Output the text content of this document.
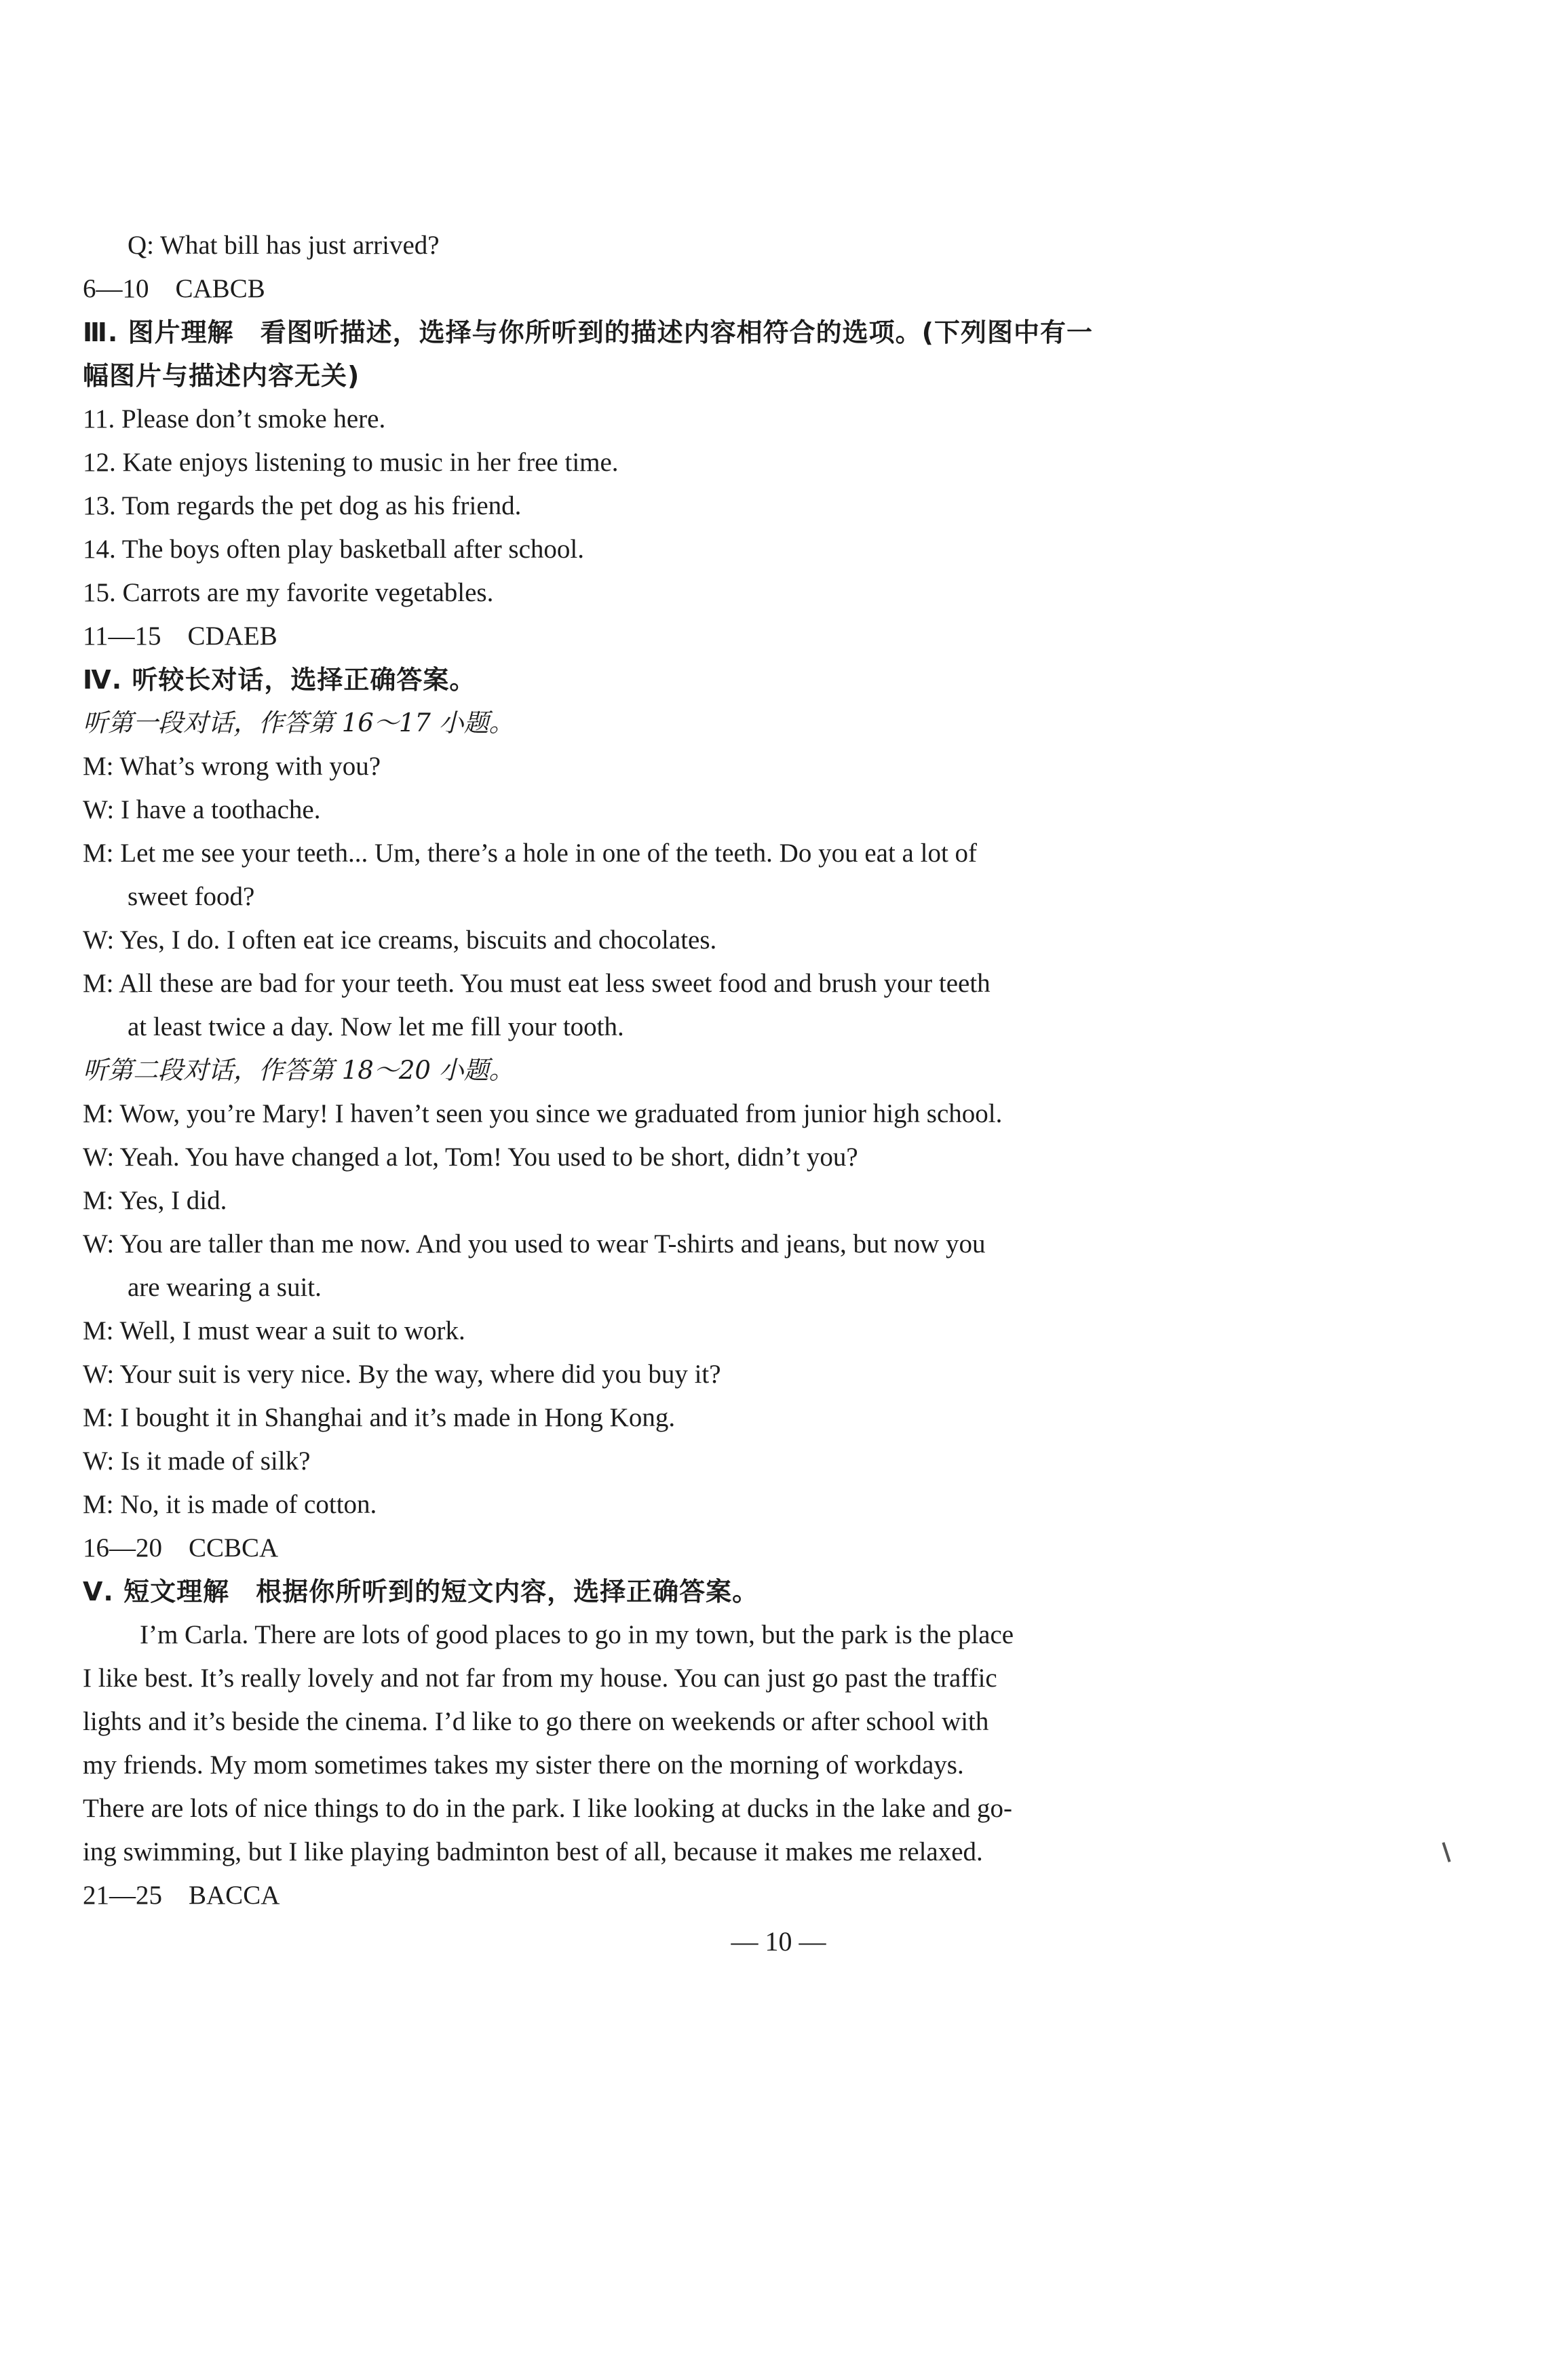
Q: What bill has just arrived?
6—10　CABCB
Ⅲ. 图片理解　看图听描述，选择与你所听到的描述内容相符合的选项。(下列图中有一
幅图片与描述内容无关)
11. Please don’t smoke here.
12. Kate enjoys listening to music in her free time.
13. Tom regards the pet dog as his friend.
14. The boys often play basketball after school.
15. Carrots are my favorite vegetables.
11—15　CDAEB
Ⅳ. 听较长对话，选择正确答案。
听第一段对话，作答第 16～17 小题。
M: What’s wrong with you?
W: I have a toothache.
M: Let me see your teeth... Um, there’s a hole in one of the teeth. Do you eat a lot of
sweet food?
W: Yes, I do. I often eat ice creams, biscuits and chocolates.
M: All these are bad for your teeth. You must eat less sweet food and brush your teeth
at least twice a day. Now let me fill your tooth.
听第二段对话，作答第 18～20 小题。
M: Wow, you’re Mary! I haven’t seen you since we graduated from junior high school.
W: Yeah. You have changed a lot, Tom! You used to be short, didn’t you?
M: Yes, I did.
W: You are taller than me now. And you used to wear T-shirts and jeans, but now you
are wearing a suit.
M: Well, I must wear a suit to work.
W: Your suit is very nice. By the way, where did you buy it?
M: I bought it in Shanghai and it’s made in Hong Kong.
W: Is it made of silk?
M: No, it is made of cotton.
16—20　CCBCA
Ⅴ. 短文理解　根据你所听到的短文内容，选择正确答案。
I’m Carla. There are lots of good places to go in my town, but the park is the place
I like best. It’s really lovely and not far from my house. You can just go past the traffic
lights and it’s beside the cinema. I’d like to go there on weekends or after school with
my friends. My mom sometimes takes my sister there on the morning of workdays.
There are lots of nice things to do in the park. I like looking at ducks in the lake and go-
ing swimming, but I like playing badminton best of all, because it makes me relaxed.
21—25　BACCA
— 10 —
